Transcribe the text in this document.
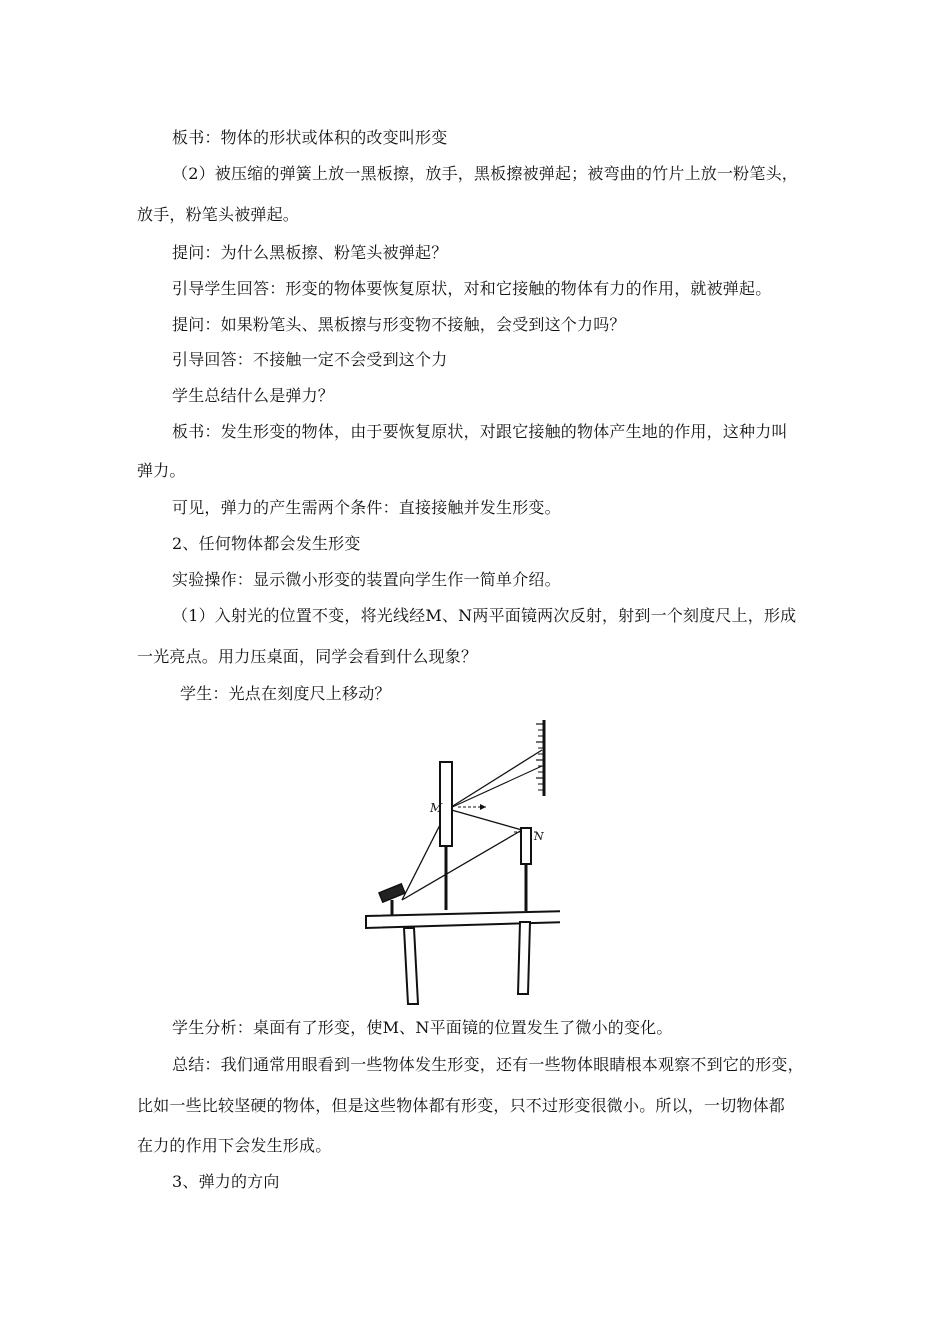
板书：物体的形状或体积的改变叫形变
（2）被压缩的弹簧上放一黑板擦，放手，黑板擦被弹起；被弯曲的竹片上放一粉笔头，
放手，粉笔头被弹起。
提问：为什么黑板擦、粉笔头被弹起？
引导学生回答：形变的物体要恢复原状，对和它接触的物体有力的作用，就被弹起。
提问：如果粉笔头、黑板擦与形变物不接触，会受到这个力吗？
引导回答：不接触一定不会受到这个力
学生总结什么是弹力？
板书：发生形变的物体，由于要恢复原状，对跟它接触的物体产生地的作用，这种力叫
弹力。
可见，弹力的产生需两个条件：直接接触并发生形变。
2、任何物体都会发生形变
实验操作：显示微小形变的装置向学生作一简单介绍。
（1）入射光的位置不变，将光线经M、N两平面镜两次反射，射到一个刻度尺上，形成
一光亮点。用力压桌面，同学会看到什么现象？
学生：光点在刻度尺上移动？
M
N
学生分析：桌面有了形变，使M、N平面镜的位置发生了微小的变化。
总结：我们通常用眼看到一些物体发生形变，还有一些物体眼睛根本观察不到它的形变，
比如一些比较坚硬的物体，但是这些物体都有形变，只不过形变很微小。所以，一切物体都
在力的作用下会发生形成。
3、弹力的方向
